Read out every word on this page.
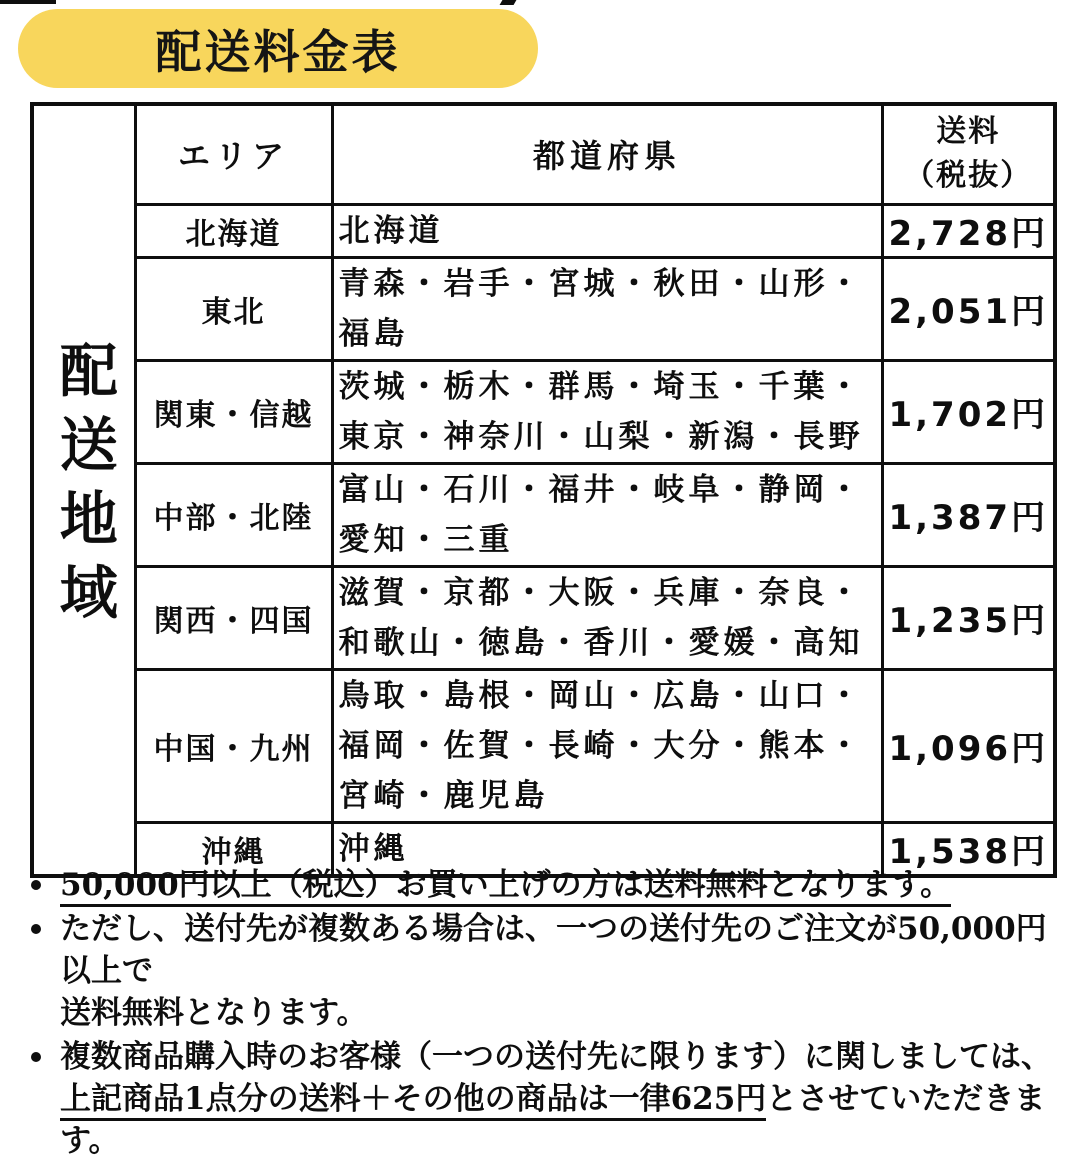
配送料金表
配送地域	エリア	都道府県	送料
（税抜）

	北海道	北海道	2,728円
	東北	青森・岩手・宮城・秋田・山形・福島	2,051円
	関東・信越	茨城・栃木・群馬・埼玉・千葉・東京・神奈川・山梨・新潟・長野	1,702円
	中部・北陸	富山・石川・福井・岐阜・静岡・愛知・三重	1,387円
	関西・四国	滋賀・京都・大阪・兵庫・奈良・和歌山・徳島・香川・愛媛・高知	1,235円
	中国・九州	鳥取・島根・岡山・広島・山口・福岡・佐賀・長崎・大分・熊本・宮崎・鹿児島	1,096円
	沖縄	沖縄	1,538円
50,000円以上（税込）お買い上げの方は送料無料となります。
ただし、送付先が複数ある場合は、一つの送付先のご注文が50,000円以上で
送料無料となります。
複数商品購入時のお客様（一つの送付先に限ります）に関しましては、
上記商品1点分の送料＋その他の商品は一律625円とさせていただきます。
